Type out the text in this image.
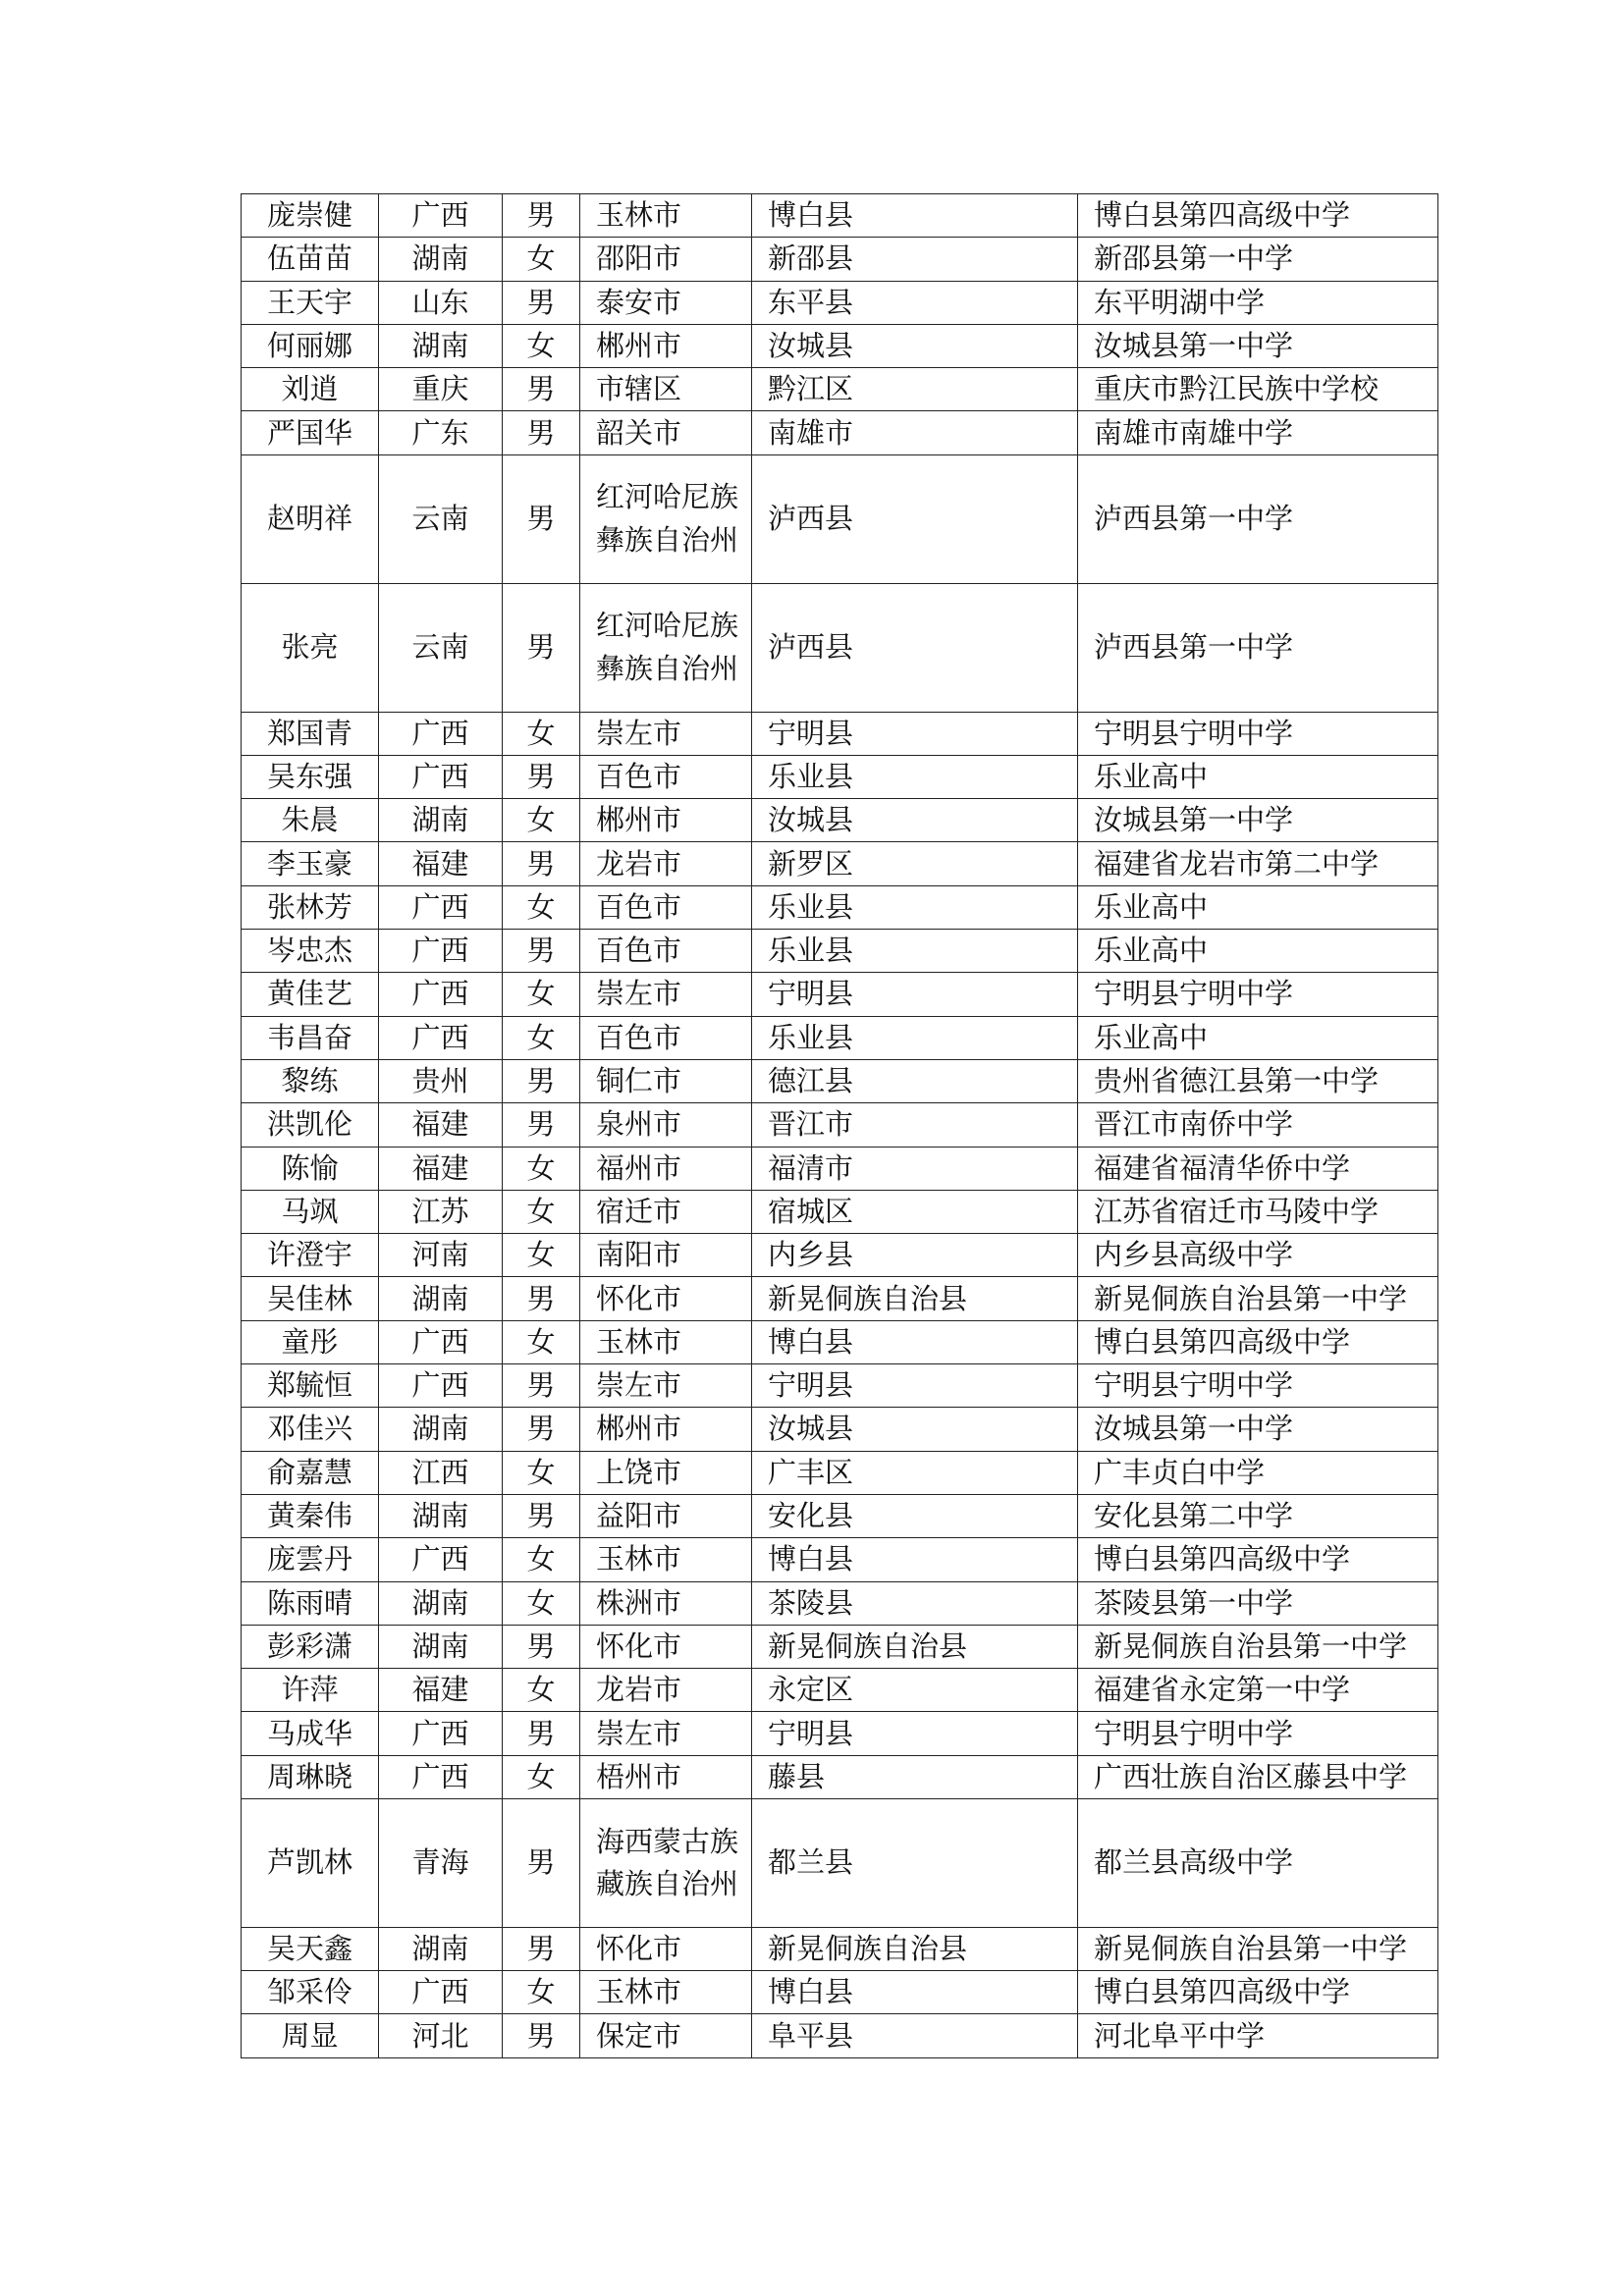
庞崇健	广西	男	玉林市	博白县	博白县第四高级中学
伍苗苗	湖南	女	邵阳市	新邵县	新邵县第一中学
王天宇	山东	男	泰安市	东平县	东平明湖中学
何丽娜	湖南	女	郴州市	汝城县	汝城县第一中学
刘逍	重庆	男	市辖区	黔江区	重庆市黔江民族中学校
严国华	广东	男	韶关市	南雄市	南雄市南雄中学
赵明祥	云南	男	红河哈尼族彝族自治州	泸西县	泸西县第一中学
张亮	云南	男	红河哈尼族彝族自治州	泸西县	泸西县第一中学
郑国青	广西	女	崇左市	宁明县	宁明县宁明中学
吴东强	广西	男	百色市	乐业县	乐业高中
朱晨	湖南	女	郴州市	汝城县	汝城县第一中学
李玉豪	福建	男	龙岩市	新罗区	福建省龙岩市第二中学
张林芳	广西	女	百色市	乐业县	乐业高中
岑忠杰	广西	男	百色市	乐业县	乐业高中
黄佳艺	广西	女	崇左市	宁明县	宁明县宁明中学
韦昌奋	广西	女	百色市	乐业县	乐业高中
黎练	贵州	男	铜仁市	德江县	贵州省德江县第一中学
洪凯伦	福建	男	泉州市	晋江市	晋江市南侨中学
陈愉	福建	女	福州市	福清市	福建省福清华侨中学
马飒	江苏	女	宿迁市	宿城区	江苏省宿迁市马陵中学
许澄宇	河南	女	南阳市	内乡县	内乡县高级中学
吴佳林	湖南	男	怀化市	新晃侗族自治县	新晃侗族自治县第一中学
童彤	广西	女	玉林市	博白县	博白县第四高级中学
郑毓恒	广西	男	崇左市	宁明县	宁明县宁明中学
邓佳兴	湖南	男	郴州市	汝城县	汝城县第一中学
俞嘉慧	江西	女	上饶市	广丰区	广丰贞白中学
黄秦伟	湖南	男	益阳市	安化县	安化县第二中学
庞雲丹	广西	女	玉林市	博白县	博白县第四高级中学
陈雨晴	湖南	女	株洲市	茶陵县	茶陵县第一中学
彭彩潇	湖南	男	怀化市	新晃侗族自治县	新晃侗族自治县第一中学
许萍	福建	女	龙岩市	永定区	福建省永定第一中学
马成华	广西	男	崇左市	宁明县	宁明县宁明中学
周琳晓	广西	女	梧州市	藤县	广西壮族自治区藤县中学
芦凯林	青海	男	海西蒙古族藏族自治州	都兰县	都兰县高级中学
吴天鑫	湖南	男	怀化市	新晃侗族自治县	新晃侗族自治县第一中学
邹采伶	广西	女	玉林市	博白县	博白县第四高级中学
周显	河北	男	保定市	阜平县	河北阜平中学
